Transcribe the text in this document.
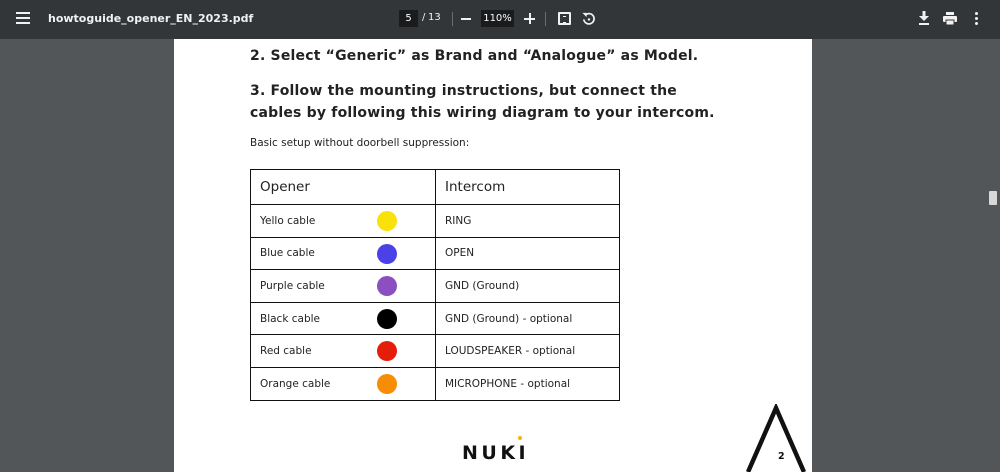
howtoguide_opener_EN_2023.pdf
5	/ 13
110%
2. Select “Generic” as Brand and “Analogue” as Model.
3. Follow the mounting instructions, but connect the cables by following this wiring diagram to your intercom.
Basic setup without doorbell suppression:
Opener	Intercom
Yello cable	RING
Blue cable	OPEN
Purple cable	GND (Ground)
Black cable	GND (Ground) - optional
Red cable	LOUDSPEAKER - optional
Orange cable	MICROPHONE - optional
NUKI	2
